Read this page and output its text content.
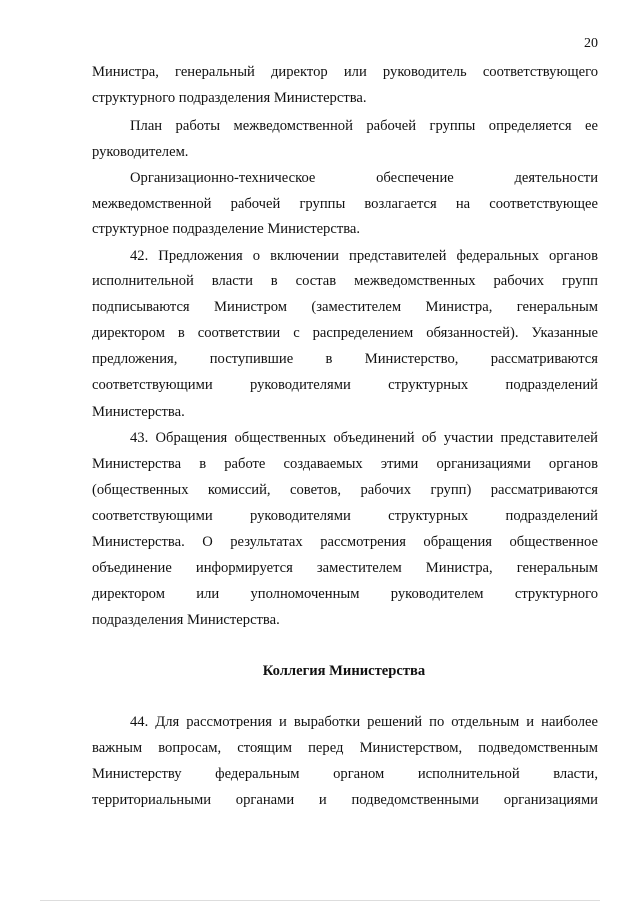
20
Министра, генеральный директор или руководитель соответствующего
структурного подразделения Министерства.
План работы межведомственной рабочей группы определяется ее
руководителем.
Организационно-техническое обеспечение деятельности
межведомственной рабочей группы возлагается на соответствующее
структурное подразделение Министерства.
42. Предложения о включении представителей федеральных органов
исполнительной власти в состав межведомственных рабочих групп
подписываются Министром (заместителем Министра, генеральным
директором в соответствии с распределением обязанностей). Указанные
предложения, поступившие в Министерство, рассматриваются
соответствующими руководителями структурных подразделений
Министерства.
43. Обращения общественных объединений об участии представителей
Министерства в работе создаваемых этими организациями органов
(общественных комиссий, советов, рабочих групп) рассматриваются
соответствующими руководителями структурных подразделений
Министерства. О результатах рассмотрения обращения общественное
объединение информируется заместителем Министра, генеральным
директором или уполномоченным руководителем структурного
подразделения Министерства.
Коллегия Министерства
44. Для рассмотрения и выработки решений по отдельным и наиболее
важным вопросам, стоящим перед Министерством, подведомственным
Министерству федеральным органом исполнительной власти,
территориальными органами и подведомственными организациями
